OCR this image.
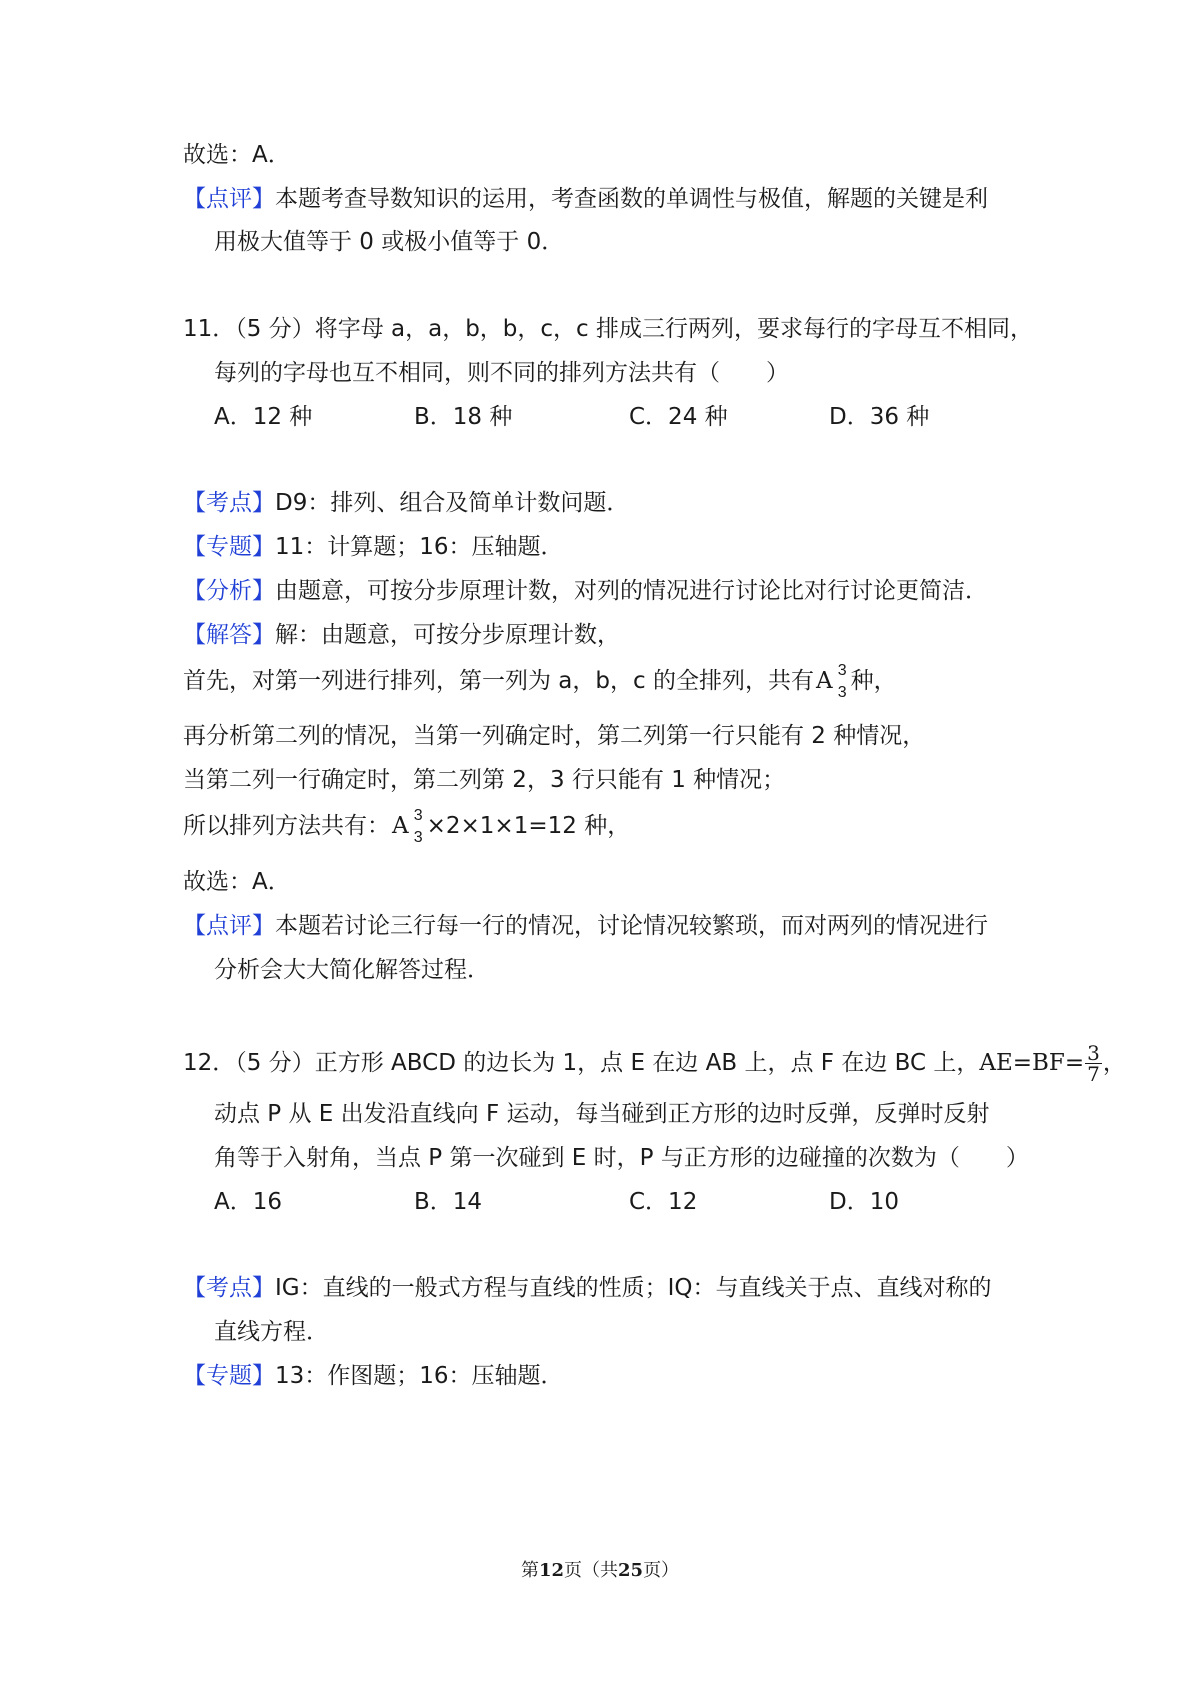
故选：A．
【点评】本题考查导数知识的运用，考查函数的单调性与极值，解题的关键是利
用极大值等于 0 或极小值等于 0．
11．（5 分）将字母 a，a，b，b，c，c 排成三行两列，要求每行的字母互不相同，
每列的字母也互不相同，则不同的排列方法共有（　　）
A．12 种	B．18 种	C．24 种	D．36 种
【考点】D9：排列、组合及简单计数问题．
【专题】11：计算题；16：压轴题．
【分析】由题意，可按分步原理计数，对列的情况进行讨论比对行讨论更简洁．
【解答】解：由题意，可按分步原理计数，
首先，对第一列进行排列，第一列为 a，b，c 的全排列，共有A 3
3 种，
再分析第二列的情况，当第一列确定时，第二列第一行只能有 2 种情况，
当第二列一行确定时，第二列第 2，3 行只能有 1 种情况；
所以排列方法共有：A 3
3 ×2×1×1=12 种，
故选：A．
【点评】本题若讨论三行每一行的情况，讨论情况较繁琐，而对两列的情况进行
分析会大大简化解答过程．
12．（5 分）正方形 ABCD 的边长为 1，点 E 在边 AB 上，点 F 在边 BC 上，$AE=BF= \frac{3}{7}$ ，
动点 P 从 E 出发沿直线向 F 运动，每当碰到正方形的边时反弹，反弹时反射
角等于入射角，当点 P 第一次碰到 E 时，P 与正方形的边碰撞的次数为（　　）
A．16	B．14	C．12	D．10
【考点】IG：直线的一般式方程与直线的性质；IQ：与直线关于点、直线对称的
直线方程．
【专题】13：作图题；16：压轴题．
第12页（共25页）
